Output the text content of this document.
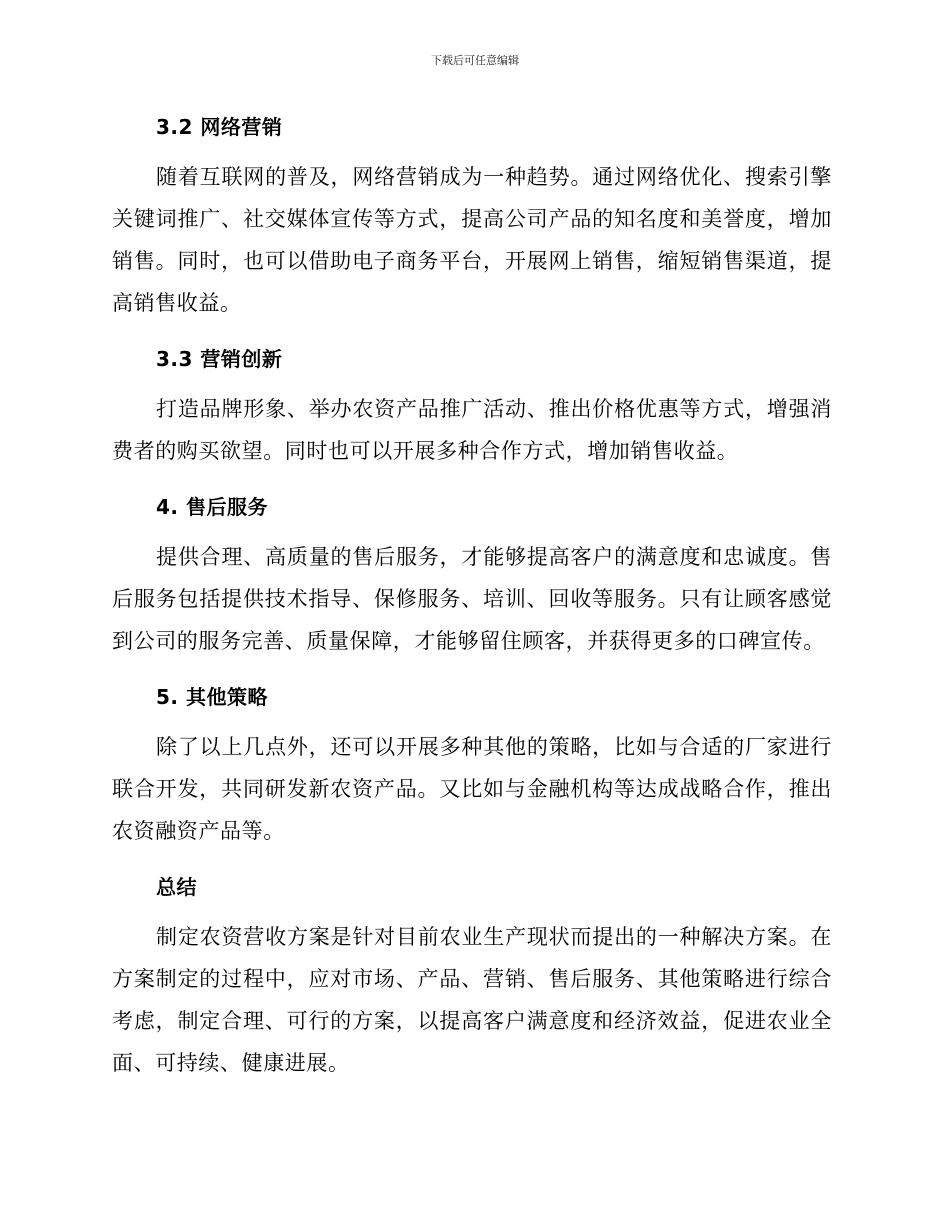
下载后可任意编辑
3.2 网络营销

随着互联网的普及，网络营销成为一种趋势。通过网络优化、搜索引擎关键词推广、社交媒体宣传等方式，提高公司产品的知名度和美誉度，增加销售。同时，也可以借助电子商务平台，开展网上销售，缩短销售渠道，提高销售收益。

3.3 营销创新

打造品牌形象、举办农资产品推广活动、推出价格优惠等方式，增强消费者的购买欲望。同时也可以开展多种合作方式，增加销售收益。

4. 售后服务

提供合理、高质量的售后服务，才能够提高客户的满意度和忠诚度。售后服务包括提供技术指导、保修服务、培训、回收等服务。只有让顾客感觉到公司的服务完善、质量保障，才能够留住顾客，并获得更多的口碑宣传。

5. 其他策略

除了以上几点外，还可以开展多种其他的策略，比如与合适的厂家进行联合开发，共同研发新农资产品。又比如与金融机构等达成战略合作，推出农资融资产品等。

总结

制定农资营收方案是针对目前农业生产现状而提出的一种解决方案。在方案制定的过程中，应对市场、产品、营销、售后服务、其他策略进行综合考虑，制定合理、可行的方案，以提高客户满意度和经济效益，促进农业全面、可持续、健康进展。
